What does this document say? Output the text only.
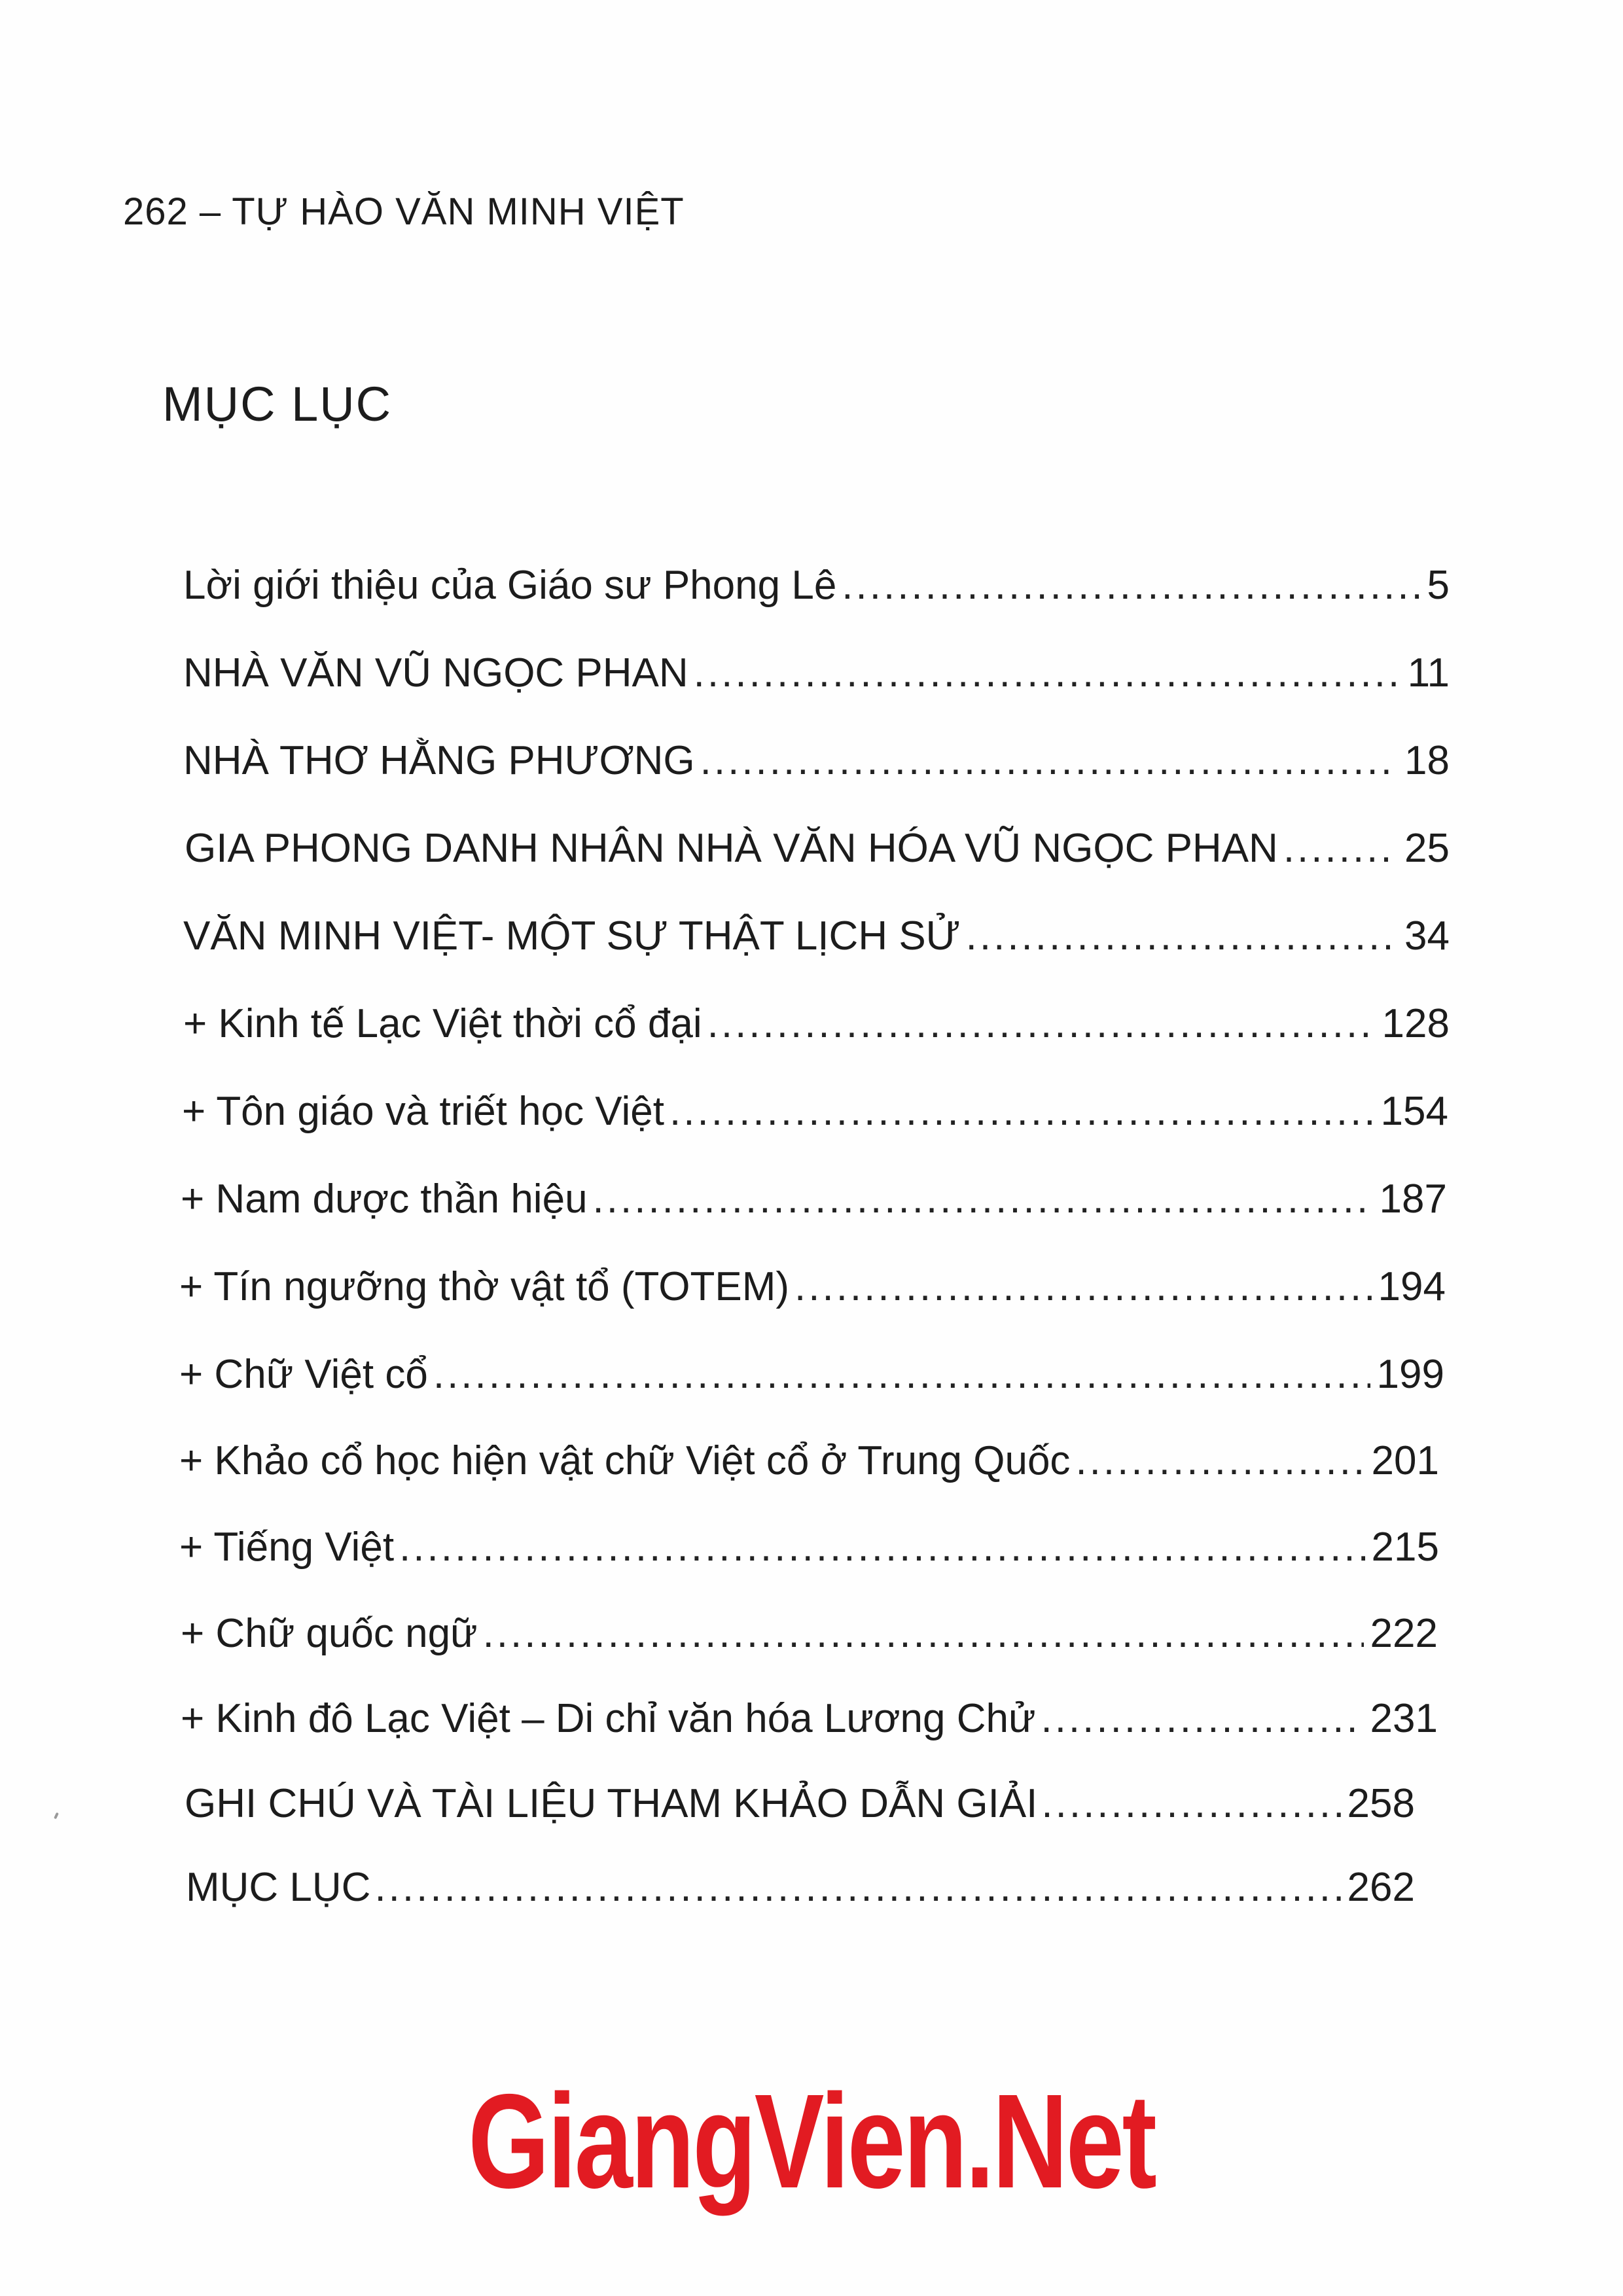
262 – TỰ HÀO VĂN MINH VIỆT
MỤC LỤC
Lời giới thiệu của Giáo sư Phong Lê .....	5
NHÀ VĂN VŨ NGỌC PHAN .....	11
NHÀ THƠ HẰNG PHƯƠNG .....	18
GIA PHONG DANH NHÂN NHÀ VĂN HÓA VŨ NGỌC PHAN .....	25
VĂN MINH VIỆT- MỘT SỰ THẬT LỊCH SỬ .....	34
+ Kinh tế Lạc Việt thời cổ đại .....	128
+ Tôn giáo và triết học Việt .....	154
+ Nam dược thần hiệu .....	187
+ Tín ngưỡng thờ vật tổ (TOTEM) .....	194
+ Chữ Việt cổ .....	199
+ Khảo cổ học hiện vật chữ Việt cổ ở Trung Quốc .....	201
+ Tiếng Việt .....	215
+ Chữ quốc ngữ .....	222
+ Kinh đô Lạc Việt – Di chỉ văn hóa Lương Chử .....	231
GHI CHÚ VÀ TÀI LIỆU THAM KHẢO DẪN GIẢI .....	258
MỤC LỤC .....	262
GiangVien.Net
